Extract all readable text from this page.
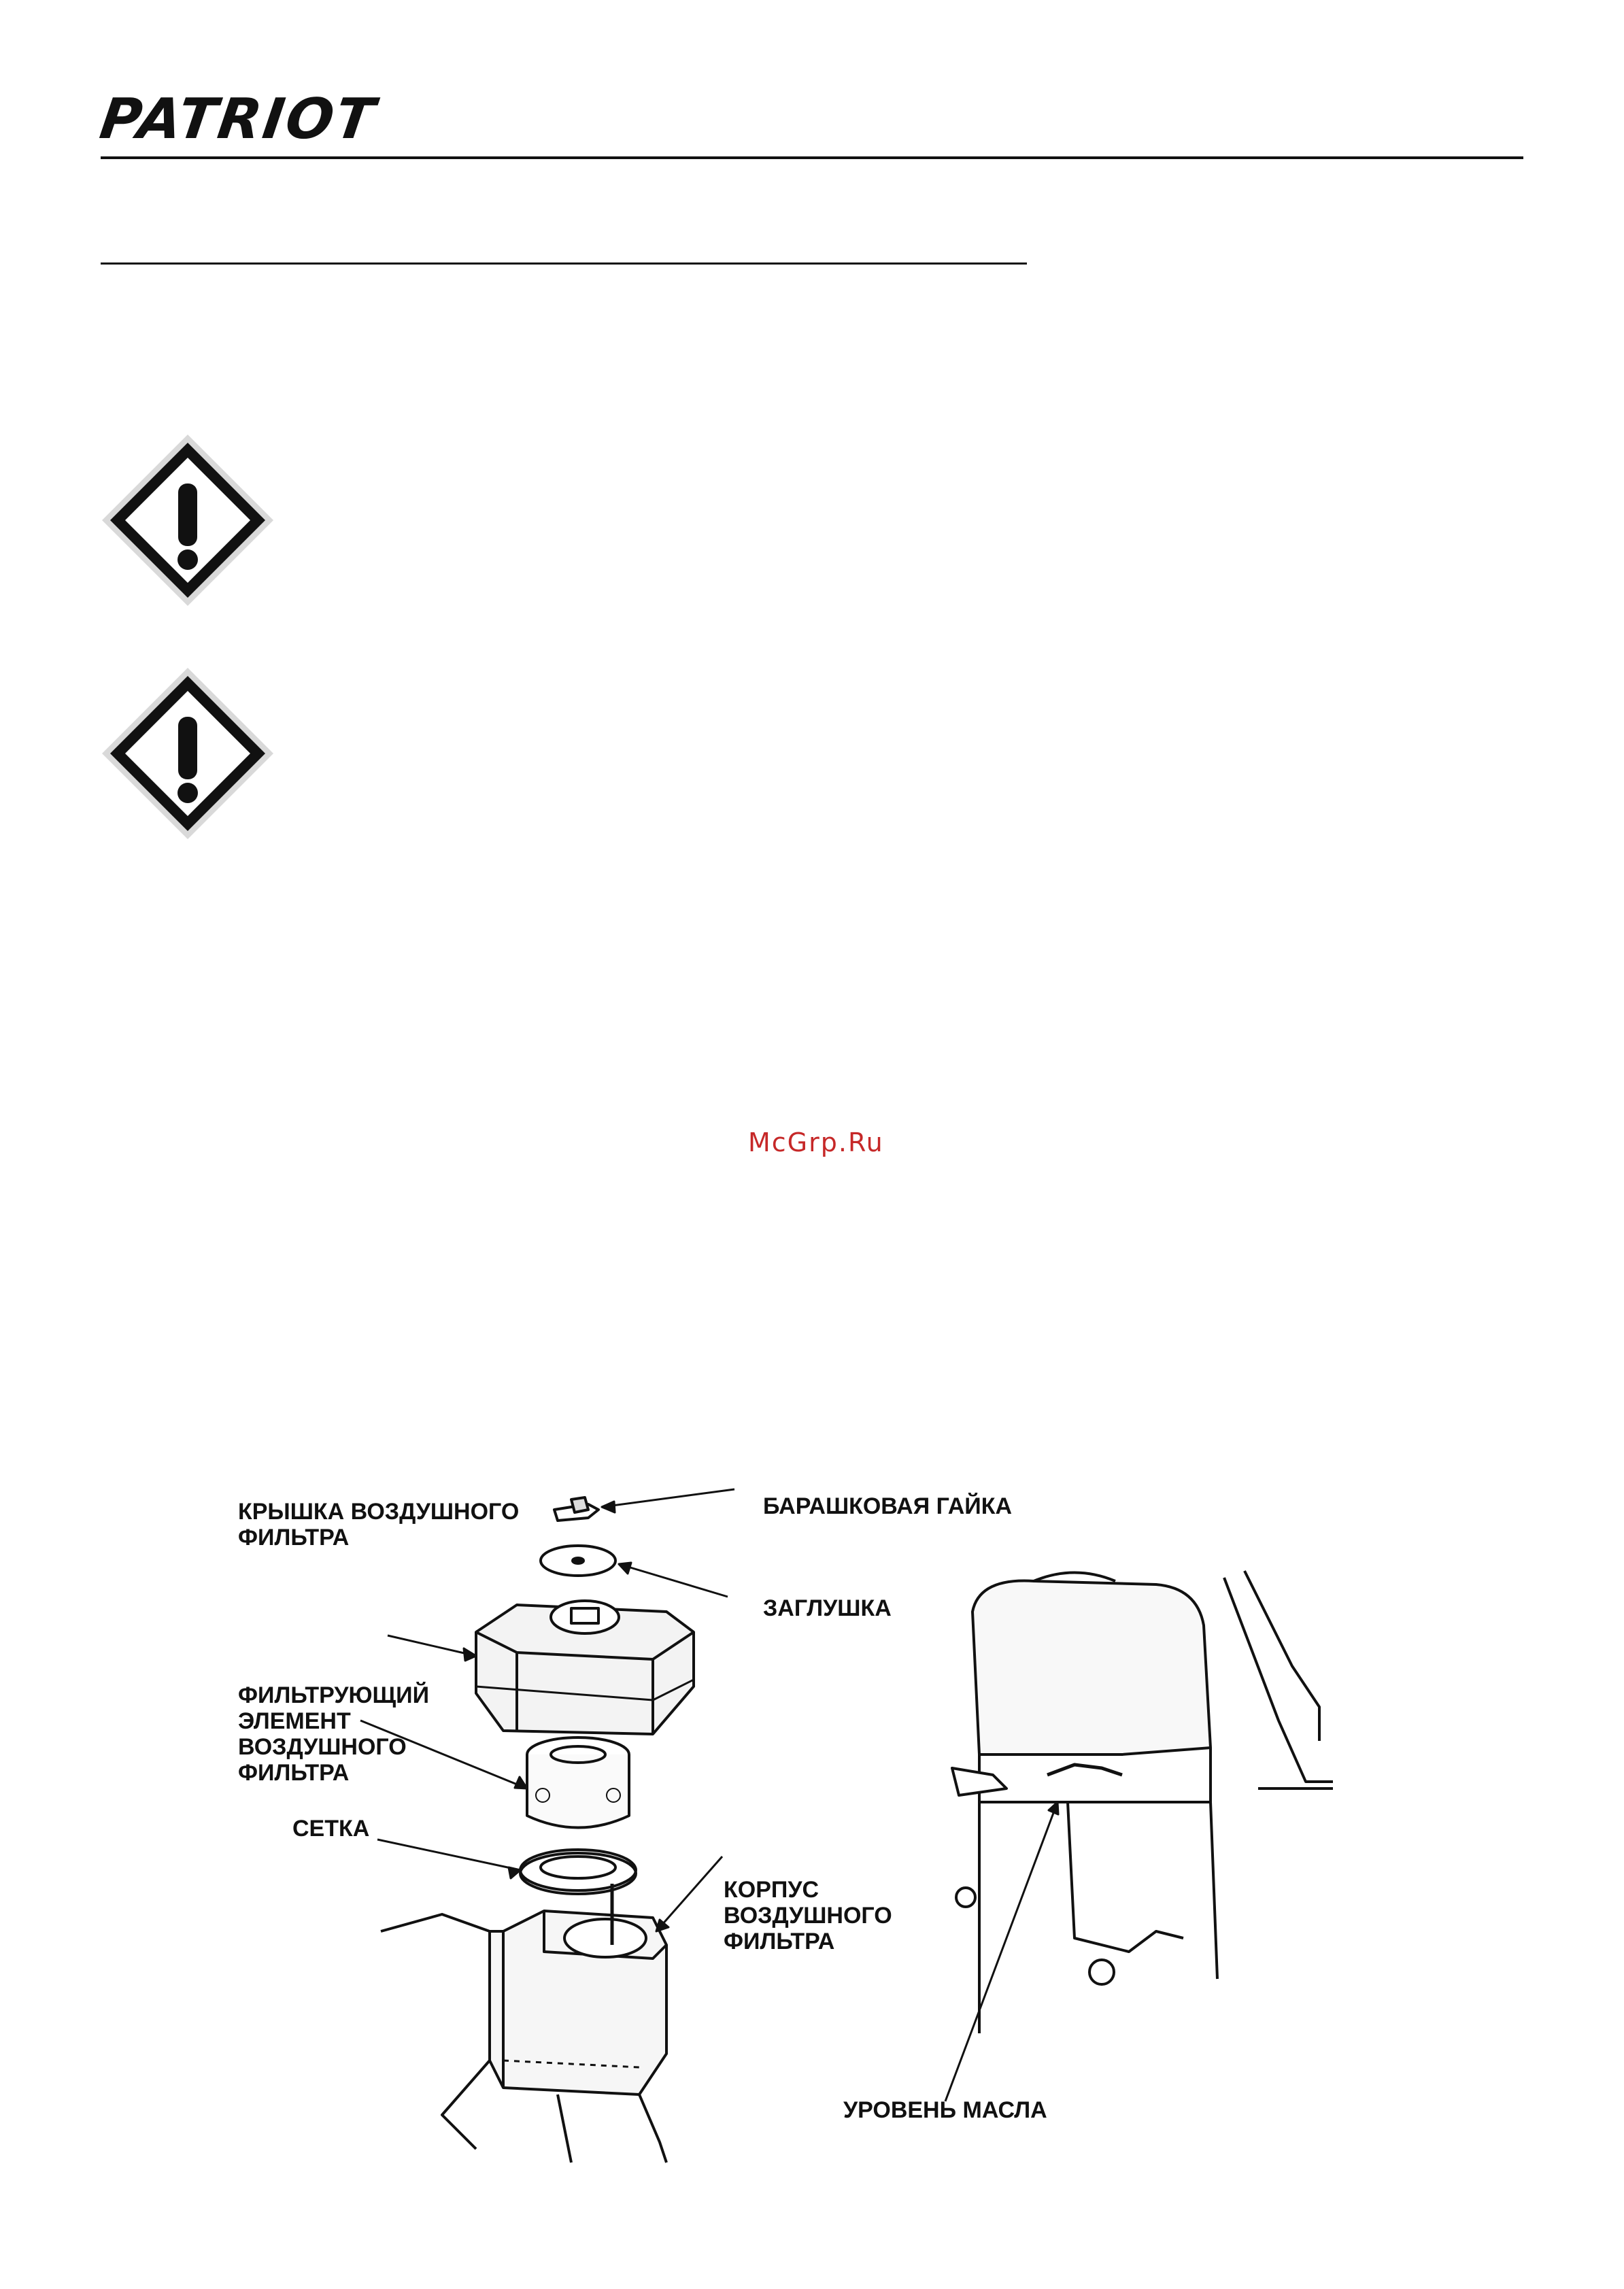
PATRIOT
McGrp.Ru
КРЫШКА ВОЗДУШНОГО
ФИЛЬТРА
БАРАШКОВАЯ ГАЙКА
ЗАГЛУШКА
ФИЛЬТРУЮЩИЙ
ЭЛЕМЕНТ
ВОЗДУШНОГО
ФИЛЬТРА
СЕТКА
КОРПУС
ВОЗДУШНОГО
ФИЛЬТРА
УРОВЕНЬ МАСЛА
